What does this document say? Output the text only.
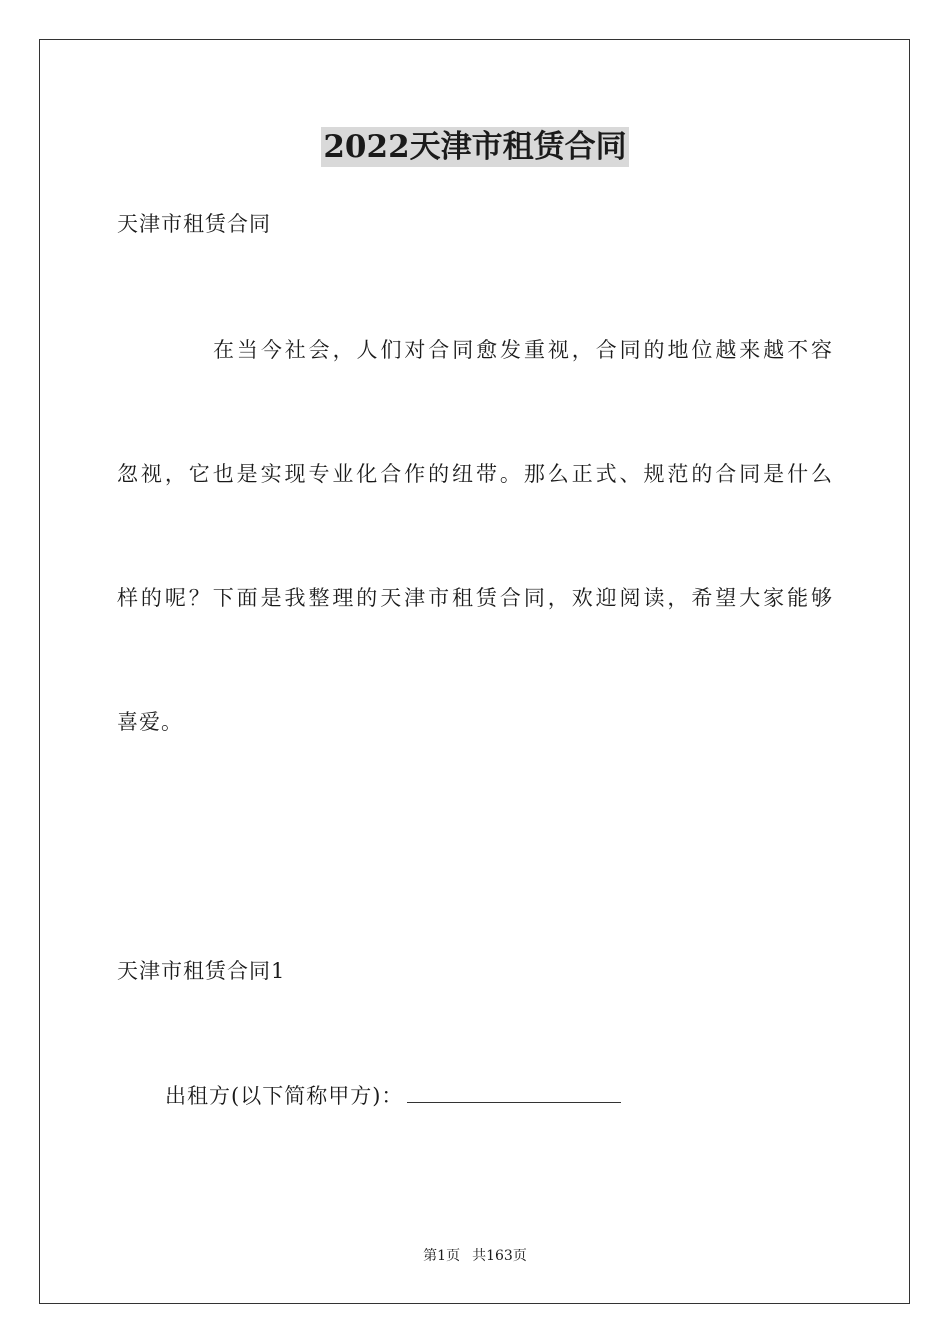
2022天津市租赁合同
天津市租赁合同
在当今社会，人们对合同愈发重视，合同的地位越来越不容
忽视，它也是实现专业化合作的纽带。那么正式、规范的合同是什么
样的呢？下面是我整理的天津市租赁合同，欢迎阅读，希望大家能够
喜爱。
天津市租赁合同1
出租方(以下简称甲方)：
第1页 共163页
